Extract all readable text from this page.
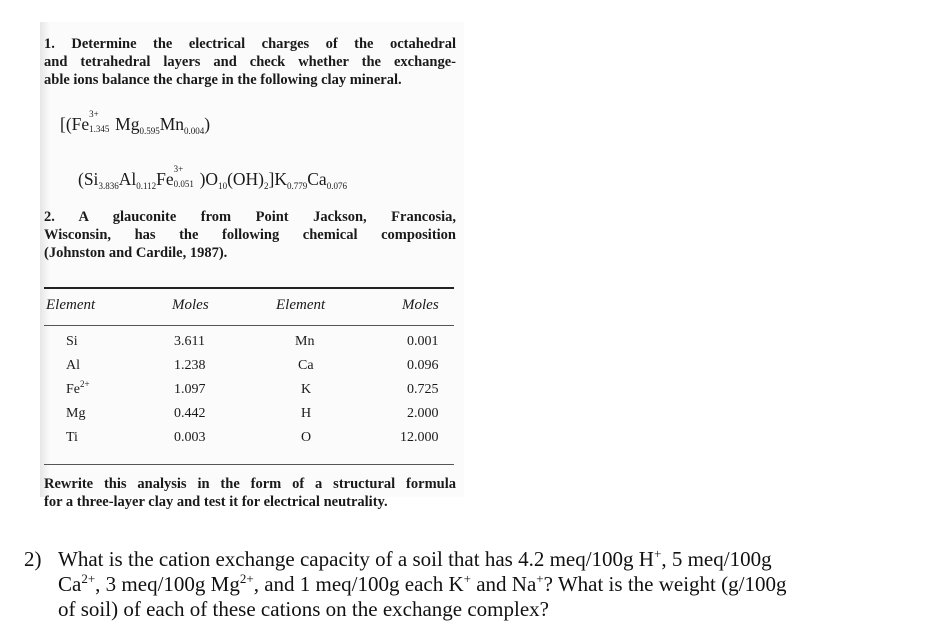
1. Determine the electrical charges of the octahedral
and tetrahedral layers and check whether the exchange-
able ions balance the charge in the following clay mineral.
[(Fe 3+
1.345 $Mg_{0.595}Mn_{0.004}$)
($Si_{3.836}Al_{0.112}Fe$ 3+
0.051 )$O_{10}(OH)_2]K_{0.779}Ca_{0.076}$
2. A glauconite from Point Jackson, Francosia,
Wisconsin, has the following chemical composition
(Johnston and Cardile, 1987).
Element	Moles	Element	Moles
Si	3.611	Mn	0.001
Al	1.238	Ca	0.096
$Fe^{2+}$	1.097	K	0.725
Mg	0.442	H	2.000
Ti	0.003	O	12.000
Rewrite this analysis in the form of a structural formula
for a three-layer clay and test it for electrical neutrality.
2) What is the cation exchange capacity of a soil that has 4.2 meq/100g H+, 5 meq/100g
$Ca^{2+}$, 3 meq/100g $Mg^{2+}$, and 1 meq/100g each K+ and Na+? What is the weight (g/100g
of soil) of each of these cations on the exchange complex?
